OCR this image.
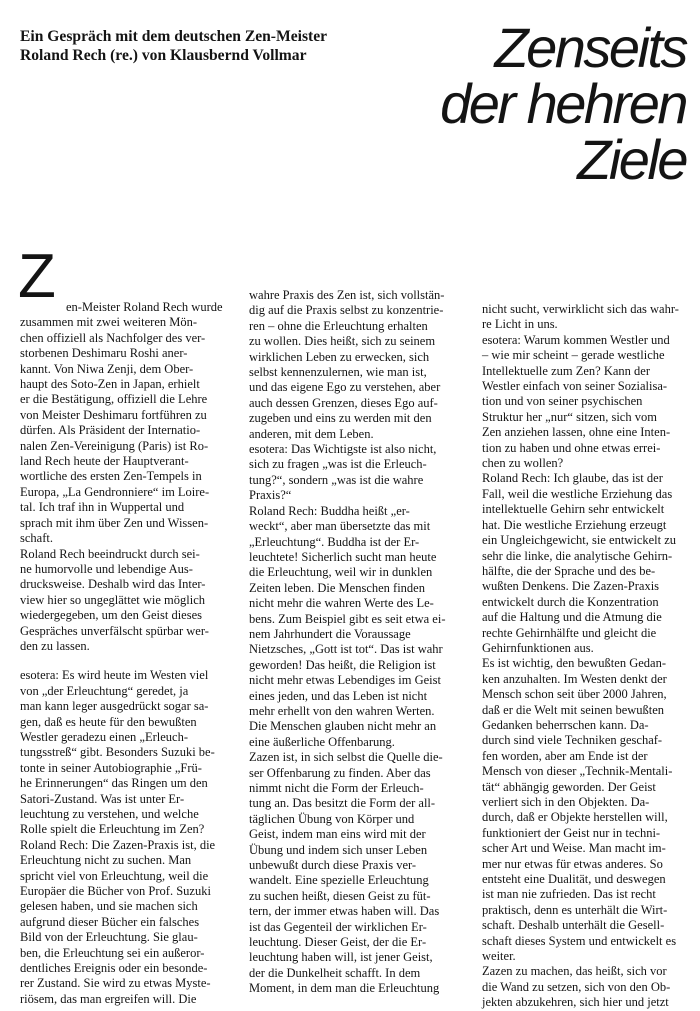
Ein Gespräch mit dem deutschen Zen-Meister
Roland Rech (re.) von Klausbernd Vollmar	Zenseits
der hehren
Ziele
Z en-Meister Roland Rech wurde
zusammen mit zwei weiteren Mön-
chen offiziell als Nachfolger des ver-
storbenen Deshimaru Roshi aner-
kannt. Von Niwa Zenji, dem Ober-
haupt des Soto-Zen in Japan, erhielt
er die Bestätigung, offiziell die Lehre
von Meister Deshimaru fortführen zu
dürfen. Als Präsident der Internatio-
nalen Zen-Vereinigung (Paris) ist Ro-
land Rech heute der Hauptverant-
wortliche des ersten Zen-Tempels in
Europa, „La Gendronniere“ im Loire-
tal. Ich traf ihn in Wuppertal und
sprach mit ihm über Zen und Wissen-
schaft.
Roland Rech beeindruckt durch sei-
ne humorvolle und lebendige Aus-
drucksweise. Deshalb wird das Inter-
view hier so ungeglättet wie möglich
wiedergegeben, um den Geist dieses
Gespräches unverfälscht spürbar wer-
den zu lassen.
esotera: Es wird heute im Westen viel
von „der Erleuchtung“ geredet, ja
man kann leger ausgedrückt sogar sa-
gen, daß es heute für den bewußten
Westler geradezu einen „Erleuch-
tungsstreß“ gibt. Besonders Suzuki be-
tonte in seiner Autobiographie „Frü-
he Erinnerungen“ das Ringen um den
Satori-Zustand. Was ist unter Er-
leuchtung zu verstehen, und welche
Rolle spielt die Erleuchtung im Zen?
Roland Rech: Die Zazen-Praxis ist, die
Erleuchtung nicht zu suchen. Man
spricht viel von Erleuchtung, weil die
Europäer die Bücher von Prof. Suzuki
gelesen haben, und sie machen sich
aufgrund dieser Bücher ein falsches
Bild von der Erleuchtung. Sie glau-
ben, die Erleuchtung sei ein außeror-
dentliches Ereignis oder ein besonde-
rer Zustand. Sie wird zu etwas Myste-
riösem, das man ergreifen will. Die
wahre Praxis des Zen ist, sich vollstän-
dig auf die Praxis selbst zu konzentrie-
ren – ohne die Erleuchtung erhalten
zu wollen. Dies heißt, sich zu seinem
wirklichen Leben zu erwecken, sich
selbst kennenzulernen, wie man ist,
und das eigene Ego zu verstehen, aber
auch dessen Grenzen, dieses Ego auf-
zugeben und eins zu werden mit den
anderen, mit dem Leben.
esotera: Das Wichtigste ist also nicht,
sich zu fragen „was ist die Erleuch-
tung?“, sondern „was ist die wahre
Praxis?“
Roland Rech: Buddha heißt „er-
weckt“, aber man übersetzte das mit
„Erleuchtung“. Buddha ist der Er-
leuchtete! Sicherlich sucht man heute
die Erleuchtung, weil wir in dunklen
Zeiten leben. Die Menschen finden
nicht mehr die wahren Werte des Le-
bens. Zum Beispiel gibt es seit etwa ei-
nem Jahrhundert die Voraussage
Nietzsches, „Gott ist tot“. Das ist wahr
geworden! Das heißt, die Religion ist
nicht mehr etwas Lebendiges im Geist
eines jeden, und das Leben ist nicht
mehr erhellt von den wahren Werten.
Die Menschen glauben nicht mehr an
eine äußerliche Offenbarung.
Zazen ist, in sich selbst die Quelle die-
ser Offenbarung zu finden. Aber das
nimmt nicht die Form der Erleuch-
tung an. Das besitzt die Form der all-
täglichen Übung von Körper und
Geist, indem man eins wird mit der
Übung und indem sich unser Leben
unbewußt durch diese Praxis ver-
wandelt. Eine spezielle Erleuchtung
zu suchen heißt, diesen Geist zu füt-
tern, der immer etwas haben will. Das
ist das Gegenteil der wirklichen Er-
leuchtung. Dieser Geist, der die Er-
leuchtung haben will, ist jener Geist,
der die Dunkelheit schafft. In dem
Moment, in dem man die Erleuchtung
nicht sucht, verwirklicht sich das wahr-
re Licht in uns.
esotera: Warum kommen Westler und
– wie mir scheint – gerade westliche
Intellektuelle zum Zen? Kann der
Westler einfach von seiner Sozialisa-
tion und von seiner psychischen
Struktur her „nur“ sitzen, sich vom
Zen anziehen lassen, ohne eine Inten-
tion zu haben und ohne etwas errei-
chen zu wollen?
Roland Rech: Ich glaube, das ist der
Fall, weil die westliche Erziehung das
intellektuelle Gehirn sehr entwickelt
hat. Die westliche Erziehung erzeugt
ein Ungleichgewicht, sie entwickelt zu
sehr die linke, die analytische Gehirn-
hälfte, die der Sprache und des be-
wußten Denkens. Die Zazen-Praxis
entwickelt durch die Konzentration
auf die Haltung und die Atmung die
rechte Gehirnhälfte und gleicht die
Gehirnfunktionen aus.
Es ist wichtig, den bewußten Gedan-
ken anzuhalten. Im Westen denkt der
Mensch schon seit über 2000 Jahren,
daß er die Welt mit seinen bewußten
Gedanken beherrschen kann. Da-
durch sind viele Techniken geschaf-
fen worden, aber am Ende ist der
Mensch von dieser „Technik-Mentali-
tät“ abhängig geworden. Der Geist
verliert sich in den Objekten. Da-
durch, daß er Objekte herstellen will,
funktioniert der Geist nur in techni-
scher Art und Weise. Man macht im-
mer nur etwas für etwas anderes. So
entsteht eine Dualität, und deswegen
ist man nie zufrieden. Das ist recht
praktisch, denn es unterhält die Wirt-
schaft. Deshalb unterhält die Gesell-
schaft dieses System und entwickelt es
weiter.
Zazen zu machen, das heißt, sich vor
die Wand zu setzen, sich von den Ob-
jekten abzukehren, sich hier und jetzt
